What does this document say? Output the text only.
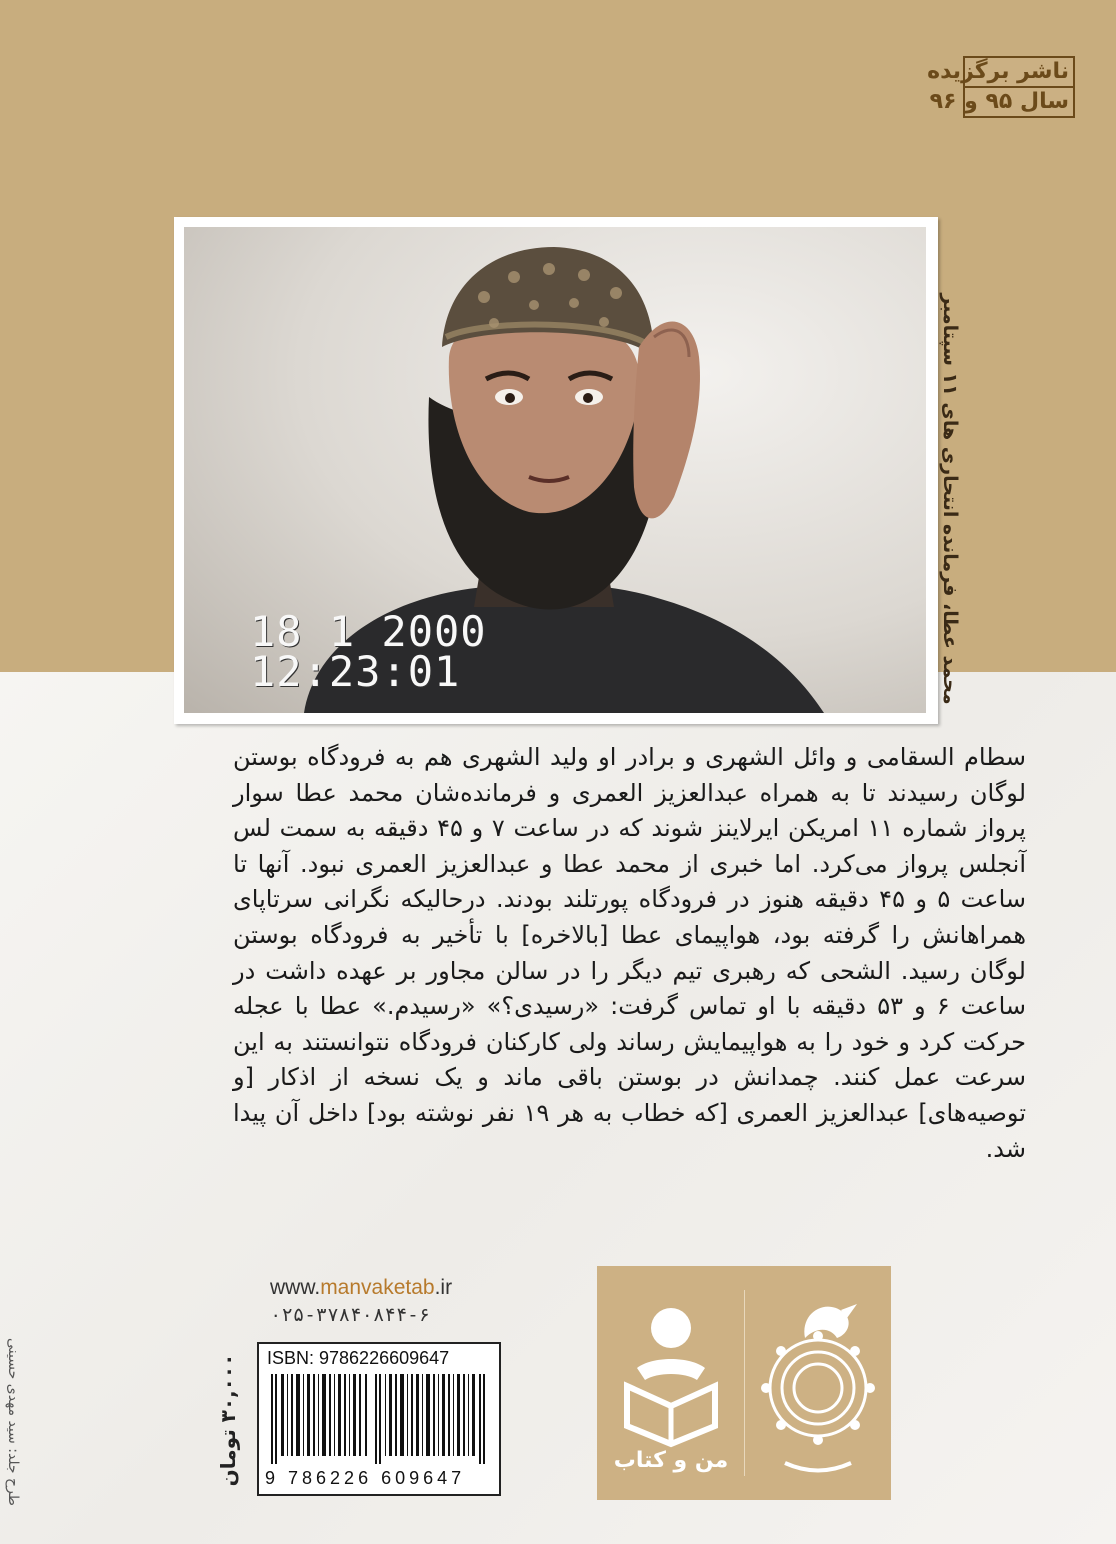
ناشر برگزیده
سال ۹۵ و ۹۶
18 1 2000
12:23:01
محمد عطا، فرمانده انتحاری های ۱۱ سپتامبر
سطام السقامی و وائل الشهری و برادر او ولید الشهری هم به فرودگاه بوستن لوگان رسیدند تا به همراه عبدالعزیز العمری و فرمانده‌شان محمد عطا سوار پرواز شماره ۱۱ امریکن ایرلاینز شوند که در ساعت ۷ و ۴۵ دقیقه به سمت لس آنجلس پرواز می‌کرد. اما خبری از محمد عطا و عبدالعزیز العمری نبود. آنها تا ساعت ۵ و ۴۵ دقیقه هنوز در فرودگاه پورتلند بودند. درحالیکه نگرانی سرتاپای همراهانش را گرفته بود، هواپیمای عطا [بالاخره] با تأخیر به فرودگاه بوستن لوگان رسید. الشحی که رهبری تیم دیگر را در سالن مجاور بر عهده داشت در ساعت ۶ و ۵۳ دقیقه با او تماس گرفت: «رسیدی؟» «رسیدم.» عطا با عجله حرکت کرد و خود را به هواپیمایش رساند ولی کارکنان فرودگاه نتوانستند به این سرعت عمل کنند. چمدانش در بوستن باقی ماند و یک نسخه از اذکار [و توصیه‌های] عبدالعزیز العمری [که خطاب به هر ۱۹ نفر نوشته بود] داخل آن پیدا شد.
طرح جلد: سید مهدی حسینی
www.manvaketab.ir
۰۲۵-۳۷۸۴۰۸۴۴-۶
ISBN: 9786226609647
9 786226 609647
۳۰,۰۰۰ تومان
من و کتاب
